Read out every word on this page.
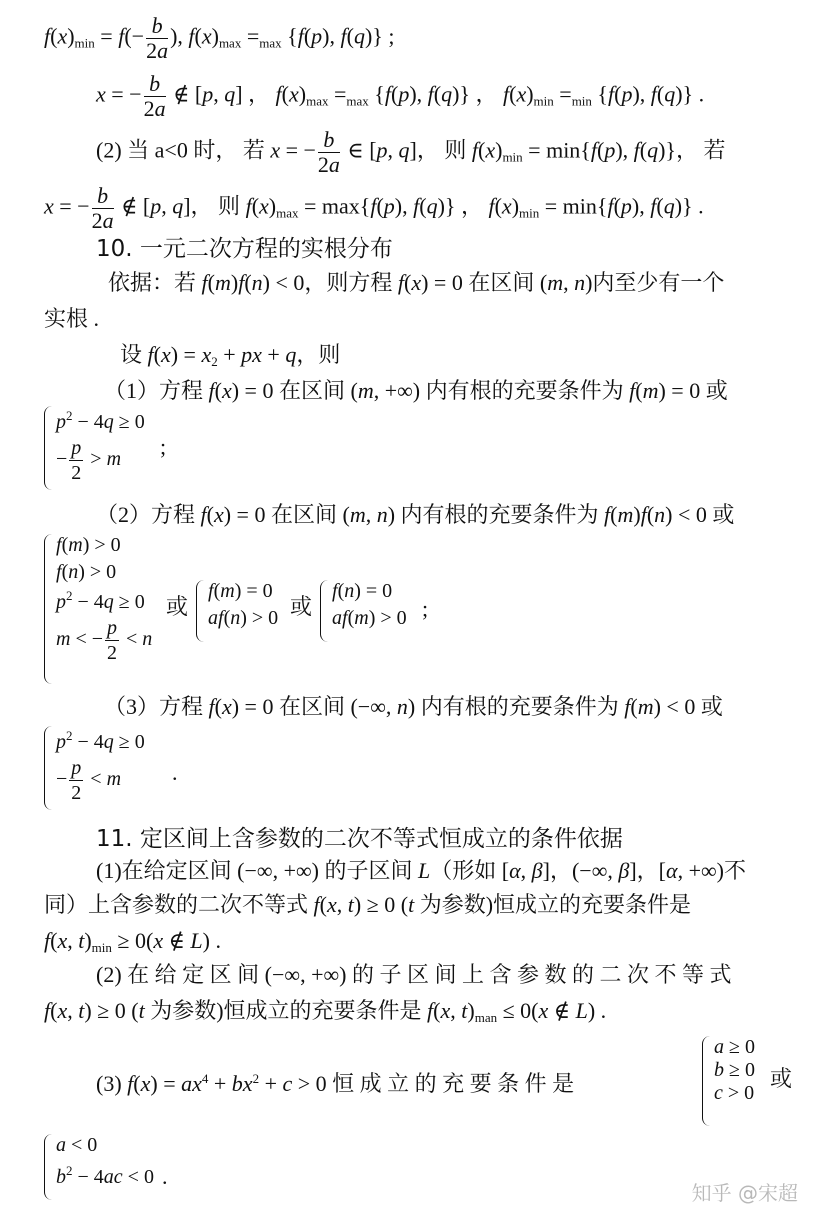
$f(x)_{min} = f(- \frac{b}{2a}$ ), $f(x)_{max} =_{max}$ {f(p), f(q)} ;
x = − $\frac{b}{2a}$ ∉ [p, q] ， $f(x)_{max} =_{max}$ {f(p), f(q)} ， $f(x)_{min} =_{min}$ {f(p), f(q)} .
(2) 当 a<0 时， 若 x = − $\frac{b}{2a}$ ∈ [p, q]， 则 $f(x)_{min} = \min\{f(p)$, f(q)}， 若
x = − $\frac{b}{2a}$ ∉ [p, q]， 则 $f(x)_{max} = \max\{f(p)$, f(q)} ， $f(x)_{min} = \min\{f(p)$, f(q)} .
10. 一元二次方程的实根分布
依据：若 f(m)f(n) < 0，则方程 f(x) = 0 在区间 (m, n)内至少有一个
实根 .
设 $f(x) = x_2$ + px + q，则
（1）方程 f(x) = 0 在区间 (m, +∞) 内有根的充要条件为 f(m) = 0 或
$p^2 - 4q \ge 0$
− $\frac{p}{2} > m$
;
（2）方程 f(x) = 0 在区间 (m, n) 内有根的充要条件为 f(m)f(n) < 0 或
f(m) > 0
f(n) > 0
$p^2 - 4q \ge 0$
m < − $\frac{p}{2} < n$
或
f(m) = 0
af(n) > 0 或
f(n) = 0
af(m) > 0 ;
（3）方程 f(x) = 0 在区间 (−∞, n) 内有根的充要条件为 f(m) < 0 或
$p^2 - 4q \ge 0$
− $\frac{p}{2} < m$	.
11. 定区间上含参数的二次不等式恒成立的条件依据
(1)在给定区间 (−∞, +∞) 的子区间 L（形如 [α, β]，(−∞, β]，[α, +∞)不
同）上含参数的二次不等式 f(x, t) ≥ 0 (t 为参数)恒成立的充要条件是
f(x, $t)_{min} \ge 0(x$ ∉ L) .
(2) 在 给 定 区 间 (−∞, +∞) 的 子 区 间 上 含 参 数 的 二 次 不 等 式
f(x, t) ≥ 0 (t 为参数)恒成立的充要条件是 f(x, $t)_{man} \le 0(x$ ∉ L) .
(3) $f(x) = ax^4 + bx^2 + c > 0$ 恒 成 立 的 充 要 条 件 是
a ≥ 0
b ≥ 0
c > 0
或
a < 0
$b^2 - 4ac < 0$ .
知乎 @宋超
